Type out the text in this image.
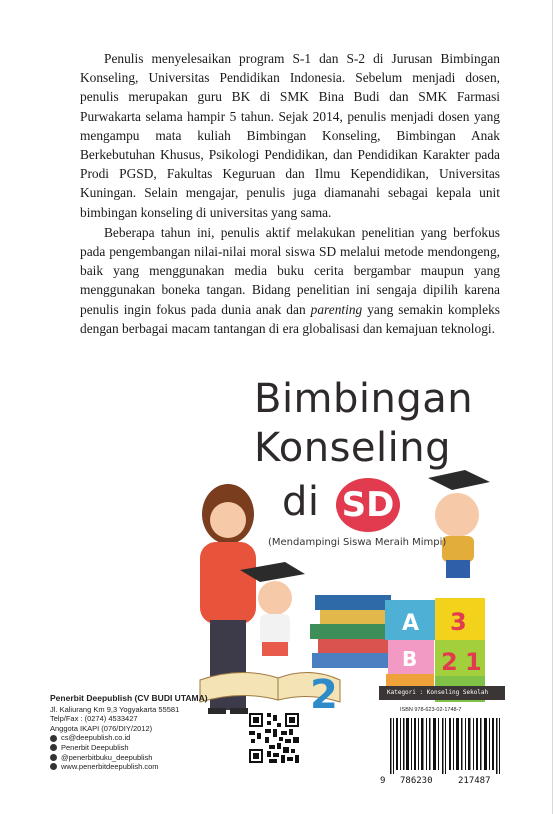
Penulis menyelesaikan program S-1 dan S-2 di Jurusan Bimbingan Konseling, Universitas Pendidikan Indonesia. Sebelum menjadi dosen, penulis merupakan guru BK di SMK Bina Budi dan SMK Farmasi Purwakarta selama hampir 5 tahun. Sejak 2014, penulis menjadi dosen yang mengampu mata kuliah Bimbingan Konseling, Bimbingan Anak Berkebutuhan Khusus, Psikologi Pendidikan, dan Pendidikan Karakter pada Prodi PGSD, Fakultas Keguruan dan Ilmu Kependidikan, Universitas Kuningan. Selain mengajar, penulis juga diamanahi sebagai kepala unit bimbingan konseling di universitas yang sama.

Beberapa tahun ini, penulis aktif melakukan penelitian yang berfokus pada pengembangan nilai-nilai moral siswa SD melalui metode mendongeng, baik yang menggunakan media buku cerita bergambar maupun yang menggunakan boneka tangan. Bidang penelitian ini sengaja dipilih karena penulis ingin fokus pada dunia anak dan parenting yang semakin kompleks dengan berbagai macam tantangan di era globalisasi dan kemajuan teknologi.

A 3
B 2 1
2
Bimbingan
Konseling
di SD
(Mendampingi Siswa Meraih Mimpi)
Penerbit Deepublish (CV BUDI UTAMA)
Jl. Kaliurang Km 9,3 Yogyakarta 55581
Telp/Fax : (0274) 4533427
Anggota IKAPI (076/DIY/2012)
cs@deepublish.co.id
Penerbit Deepublish
@penerbitbuku_deepublish
www.penerbitdeepublish.com
Kategori : Konseling Sekolah
ISBN 978-623-02-1748-7
9 786230	217487
